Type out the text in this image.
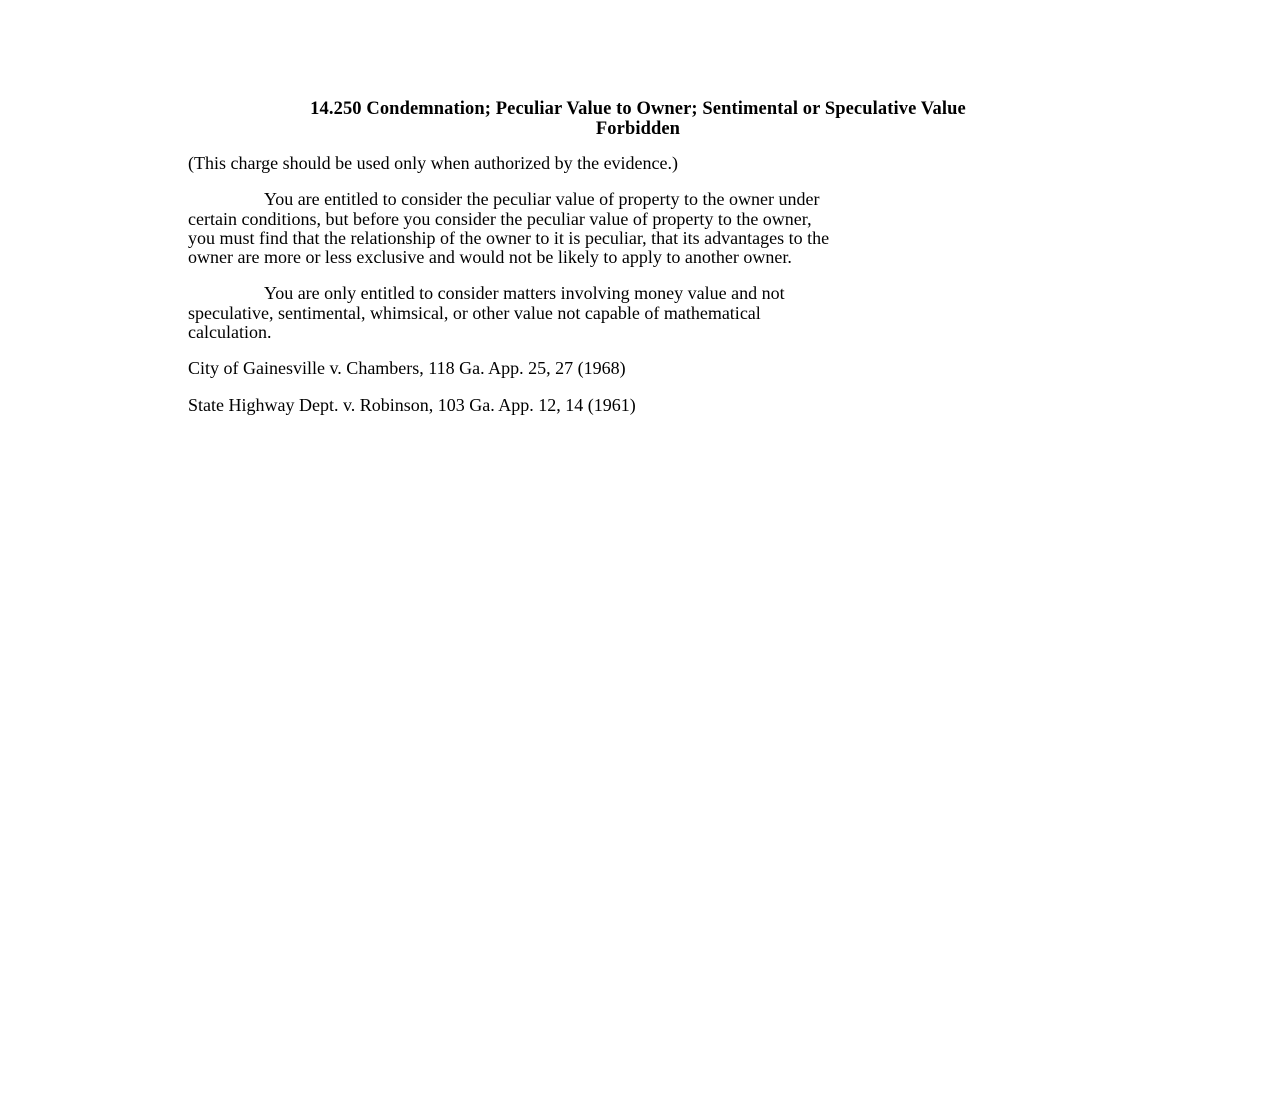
14.250 Condemnation; Peculiar Value to Owner; Sentimental or Speculative Value
Forbidden

(This charge should be used only when authorized by the evidence.)

You are entitled to consider the peculiar value of property to the owner under

certain conditions, but before you consider the peculiar value of property to the owner,

you must find that the relationship of the owner to it is peculiar, that its advantages to the

owner are more or less exclusive and would not be likely to apply to another owner.

You are only entitled to consider matters involving money value and not

speculative, sentimental, whimsical, or other value not capable of mathematical

calculation.

City of Gainesville v. Chambers, 118 Ga. App. 25, 27 (1968)

State Highway Dept. v. Robinson, 103 Ga. App. 12, 14 (1961)
